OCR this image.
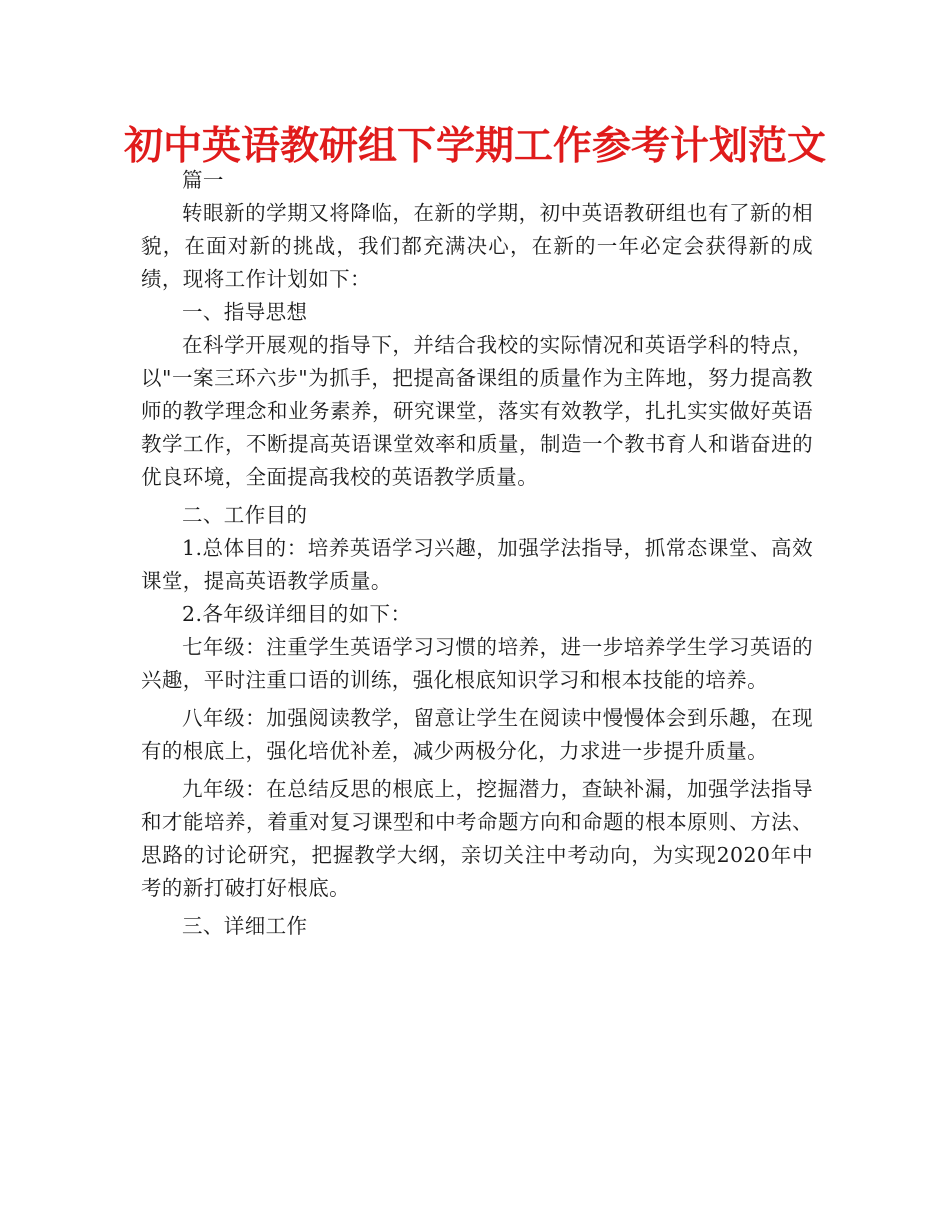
初中英语教研组下学期工作参考计划范文

篇一

转眼新的学期又将降临，在新的学期，初中英语教研组也有了新的相貌，在面对新的挑战，我们都充满决心，在新的一年必定会获得新的成绩，现将工作计划如下：

一、指导思想

在科学开展观的指导下，并结合我校的实际情况和英语学科的特点，以"一案三环六步"为抓手，把提高备课组的质量作为主阵地，努力提高教师的教学理念和业务素养，研究课堂，落实有效教学，扎扎实实做好英语教学工作，不断提高英语课堂效率和质量，制造一个教书育人和谐奋进的优良环境，全面提高我校的英语教学质量。

二、工作目的

1.总体目的：培养英语学习兴趣，加强学法指导，抓常态课堂、高效课堂，提高英语教学质量。

2.各年级详细目的如下：

七年级：注重学生英语学习习惯的培养，进一步培养学生学习英语的兴趣，平时注重口语的训练，强化根底知识学习和根本技能的培养。

八年级：加强阅读教学，留意让学生在阅读中慢慢体会到乐趣，在现有的根底上，强化培优补差，减少两极分化，力求进一步提升质量。

九年级：在总结反思的根底上，挖掘潜力，查缺补漏，加强学法指导和才能培养，着重对复习课型和中考命题方向和命题的根本原则、方法、思路的讨论研究，把握教学大纲，亲切关注中考动向，为实现2020年中考的新打破打好根底。

三、详细工作
